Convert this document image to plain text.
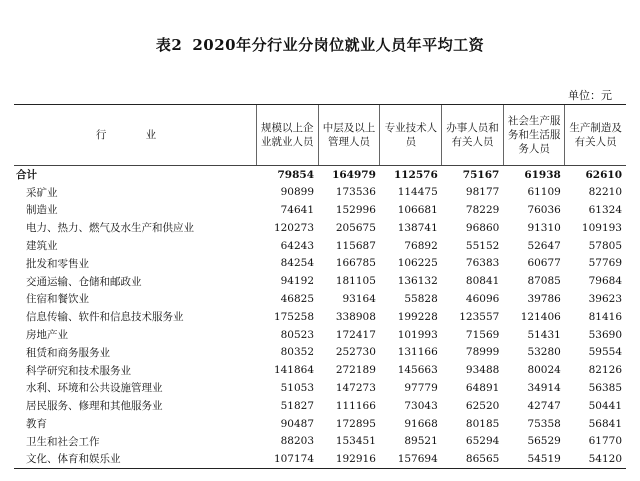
表2 2020年分行业分岗位就业人员年平均工资
单位：元
行 业	规模以上企业就业人员	中层及以上管理人员	专业技术人员	办事人员和有关人员	社会生产服务和生活服务人员	生产制造及有关人员
合计	79854	164979	112576	75167	61938	62610
采矿业	90899	173536	114475	98177	61109	82210
制造业	74641	152996	106681	78229	76036	61324
电力、热力、燃气及水生产和供应业	120273	205675	138741	96860	91310	109193
建筑业	64243	115687	76892	55152	52647	57805
批发和零售业	84254	166785	106225	76383	60677	57769
交通运输、仓储和邮政业	94192	181105	136132	80841	87085	79684
住宿和餐饮业	46825	93164	55828	46096	39786	39623
信息传输、软件和信息技术服务业	175258	338908	199228	123557	121406	81416
房地产业	80523	172417	101993	71569	51431	53690
租赁和商务服务业	80352	252730	131166	78999	53280	59554
科学研究和技术服务业	141864	272189	145663	93488	80024	82126
水利、环境和公共设施管理业	51053	147273	97779	64891	34914	56385
居民服务、修理和其他服务业	51827	111166	73043	62520	42747	50441
教育	90487	172895	91668	80185	75358	56841
卫生和社会工作	88203	153451	89521	65294	56529	61770
文化、体育和娱乐业	107174	192916	157694	86565	54519	54120
